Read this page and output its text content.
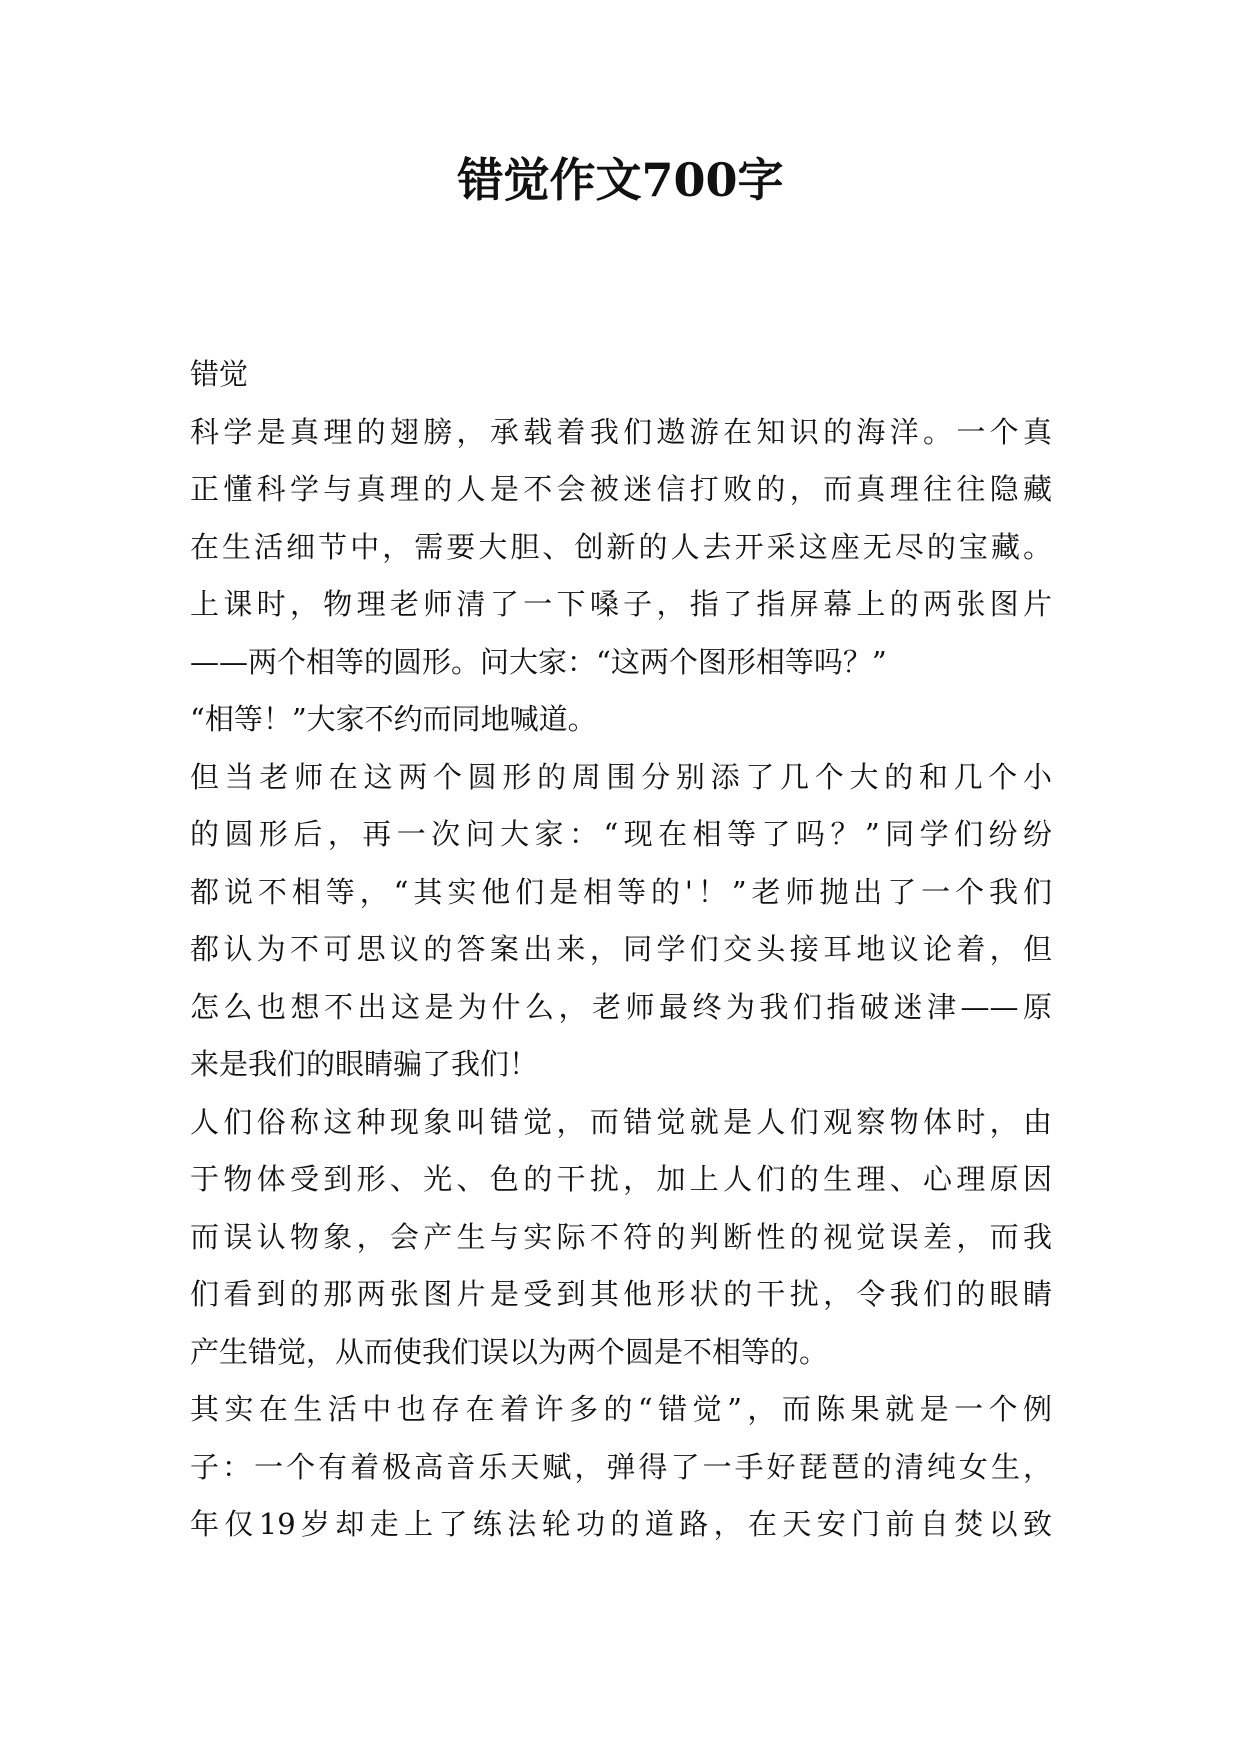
错觉作文700字
错觉
科学是真理的翅膀，承载着我们遨游在知识的海洋。一个真
正懂科学与真理的人是不会被迷信打败的，而真理往往隐藏
在生活细节中，需要大胆、创新的人去开采这座无尽的宝藏。
上课时，物理老师清了一下嗓子，指了指屏幕上的两张图片
——两个相等的圆形。问大家：“这两个图形相等吗？”
“相等！”大家不约而同地喊道。
但当老师在这两个圆形的周围分别添了几个大的和几个小
的圆形后，再一次问大家：“现在相等了吗？”同学们纷纷
都说不相等，“其实他们是相等的'！”老师抛出了一个我们
都认为不可思议的答案出来，同学们交头接耳地议论着，但
怎么也想不出这是为什么，老师最终为我们指破迷津——原
来是我们的眼睛骗了我们！
人们俗称这种现象叫错觉，而错觉就是人们观察物体时，由
于物体受到形、光、色的干扰，加上人们的生理、心理原因
而误认物象，会产生与实际不符的判断性的视觉误差，而我
们看到的那两张图片是受到其他形状的干扰，令我们的眼睛
产生错觉，从而使我们误以为两个圆是不相等的。
其实在生活中也存在着许多的“错觉”，而陈果就是一个例
子：一个有着极高音乐天赋，弹得了一手好琵琶的清纯女生，
年仅19岁却走上了练法轮功的道路，在天安门前自焚以致
